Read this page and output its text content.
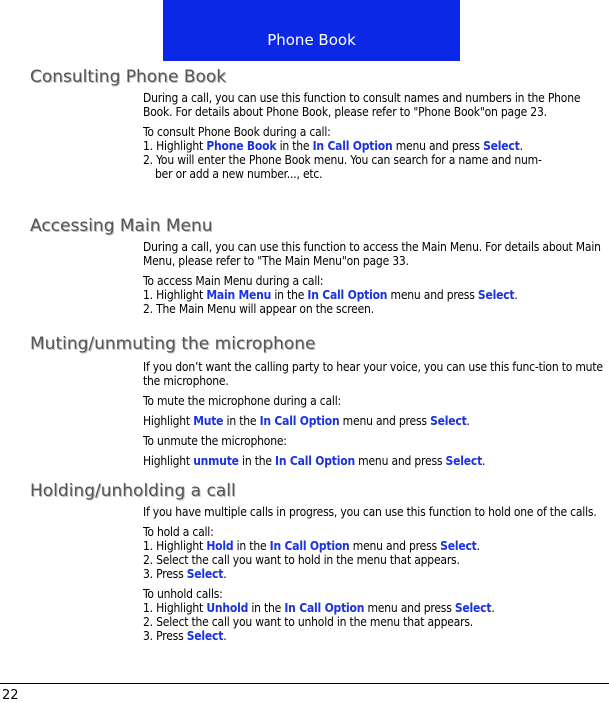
Phone Book
Consulting Phone Book

During a call, you can use this function to consult names and numbers in the Phone Book. For details about Phone Book, please refer to "Phone Book"on page 23.

To consult Phone Book during a call:

1. Highlight Phone Book in the In Call Option menu and press Select.

2. You will enter the Phone Book menu. You can search for a name and num-

ber or add a new number..., etc.

Accessing Main Menu

During a call, you can use this function to access the Main Menu. For details about Main Menu, please refer to "The Main Menu"on page 33.

To access Main Menu during a call:

1. Highlight Main Menu in the In Call Option menu and press Select.

2. The Main Menu will appear on the screen.

Muting/unmuting the microphone

If you don’t want the calling party to hear your voice, you can use this func-tion to mute the microphone.

To mute the microphone during a call:

Highlight Mute in the In Call Option menu and press Select.

To unmute the microphone:

Highlight unmute in the In Call Option menu and press Select.

Holding/unholding a call

If you have multiple calls in progress, you can use this function to hold one of the calls.

To hold a call:

1. Highlight Hold in the In Call Option menu and press Select.

2. Select the call you want to hold in the menu that appears.

3. Press Select.

To unhold calls:

1. Highlight Unhold in the In Call Option menu and press Select.

2. Select the call you want to unhold in the menu that appears.

3. Press Select.

22
